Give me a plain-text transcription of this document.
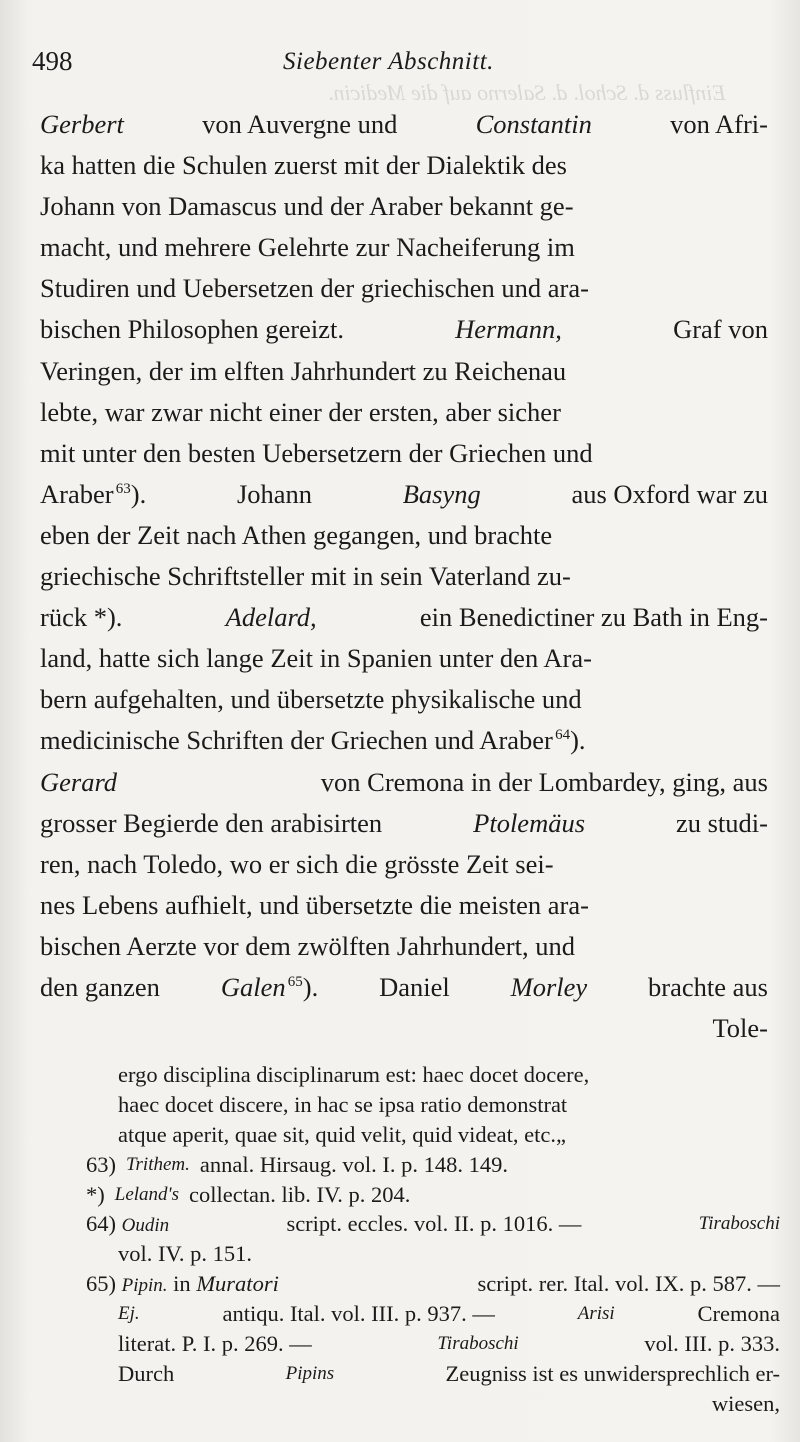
Einfluss d. Schol. d. Salerno auf die Medicin.
498	Siebenter Abschnitt.
Gerbert	von Auvergne und	Constantin	von Afri-
ka hatten die Schulen zuerst mit der Dialektik des
Johann von Damascus und der Araber bekannt ge-
macht, und mehrere Gelehrte zur Nacheiferung im
Studiren und Uebersetzen der griechischen und ara-
bischen Philosophen gereizt.	Hermann,	Graf von
Veringen, der im elften Jahrhundert zu Reichenau
lebte, war zwar nicht einer der ersten, aber sicher
mit unter den besten Uebersetzern der Griechen und
Araber  $^{63}$).	Johann	Basyng	aus Oxford war zu
eben der Zeit nach Athen gegangen, und brachte
griechische Schriftsteller mit in sein Vaterland zu-
rück *).	Adelard,	ein Benedictiner zu Bath in Eng-
land, hatte sich lange Zeit in Spanien unter den Ara-
bern aufgehalten, und übersetzte physikalische und
medicinische Schriften der Griechen und Araber  $^{64}$).
Gerard	von Cremona in der Lombardey, ging, aus
grosser Begierde den arabisirten	Ptolemäus	zu studi-
ren, nach Toledo, wo er sich die grösste Zeit sei-
nes Lebens aufhielt, und übersetzte die meisten ara-
bischen Aerzte vor dem zwölften Jahrhundert, und
den ganzen Galen  $^{65}$). Daniel Morley brachte aus
Tole-
ergo disciplina disciplinarum est: haec docet docere,
haec docet discere, in hac se ipsa ratio demonstrat
atque aperit, quae sit, quid velit, quid videat, etc.„
63) Trithem. annal. Hirsaug. vol. I. p. 148. 149.
*) Leland's collectan. lib. IV. p. 204.
64) Oudin	script. eccles. vol. II. p. 1016. —	Tiraboschi
vol. IV. p. 151.
65) Pipin. in Muratori	script. rer. Ital. vol. IX. p. 587. —
Ej.	antiqu. Ital. vol. III. p. 937. —	Arisi	Cremona
literat. P. I. p. 269. —	Tiraboschi	vol. III. p. 333.
Durch	Pipins	Zeugniss ist es unwidersprechlich er-
wiesen,
